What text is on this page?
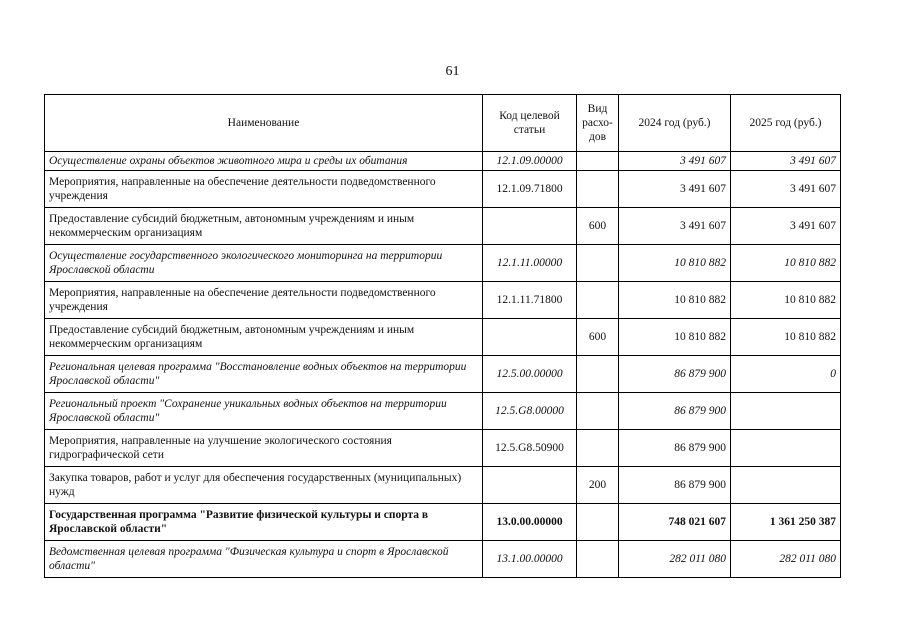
61
Наименование	Код целевой статьи	Вид расхо-дов	2024 год (руб.)	2025 год (руб.)
Осуществление охраны объектов животного мира и среды их обитания	12.1.09.00000		3 491 607	3 491 607
Мероприятия, направленные на обеспечение деятельности подведомственного учреждения	12.1.09.71800		3 491 607	3 491 607
Предоставление субсидий бюджетным, автономным учреждениям и иным некоммерческим организациям		600	3 491 607	3 491 607
Осуществление государственного экологического мониторинга на территории Ярославской области	12.1.11.00000		10 810 882	10 810 882
Мероприятия, направленные на обеспечение деятельности подведомственного учреждения	12.1.11.71800		10 810 882	10 810 882
Предоставление субсидий бюджетным, автономным учреждениям и иным некоммерческим организациям		600	10 810 882	10 810 882
Региональная целевая программа "Восстановление водных объектов на территории Ярославской области"	12.5.00.00000		86 879 900	0
Региональный проект "Сохранение уникальных водных объектов на территории Ярославской области"	12.5.G8.00000		86 879 900	
Мероприятия, направленные на улучшение экологического состояния гидрографической сети	12.5.G8.50900		86 879 900	
Закупка товаров, работ и услуг для обеспечения государственных (муниципальных) нужд		200	86 879 900	
Государственная программа "Развитие физической культуры и спорта в Ярославской области"	13.0.00.00000		748 021 607	1 361 250 387
Ведомственная целевая программа "Физическая культура и спорт в Ярославской области"	13.1.00.00000		282 011 080	282 011 080
